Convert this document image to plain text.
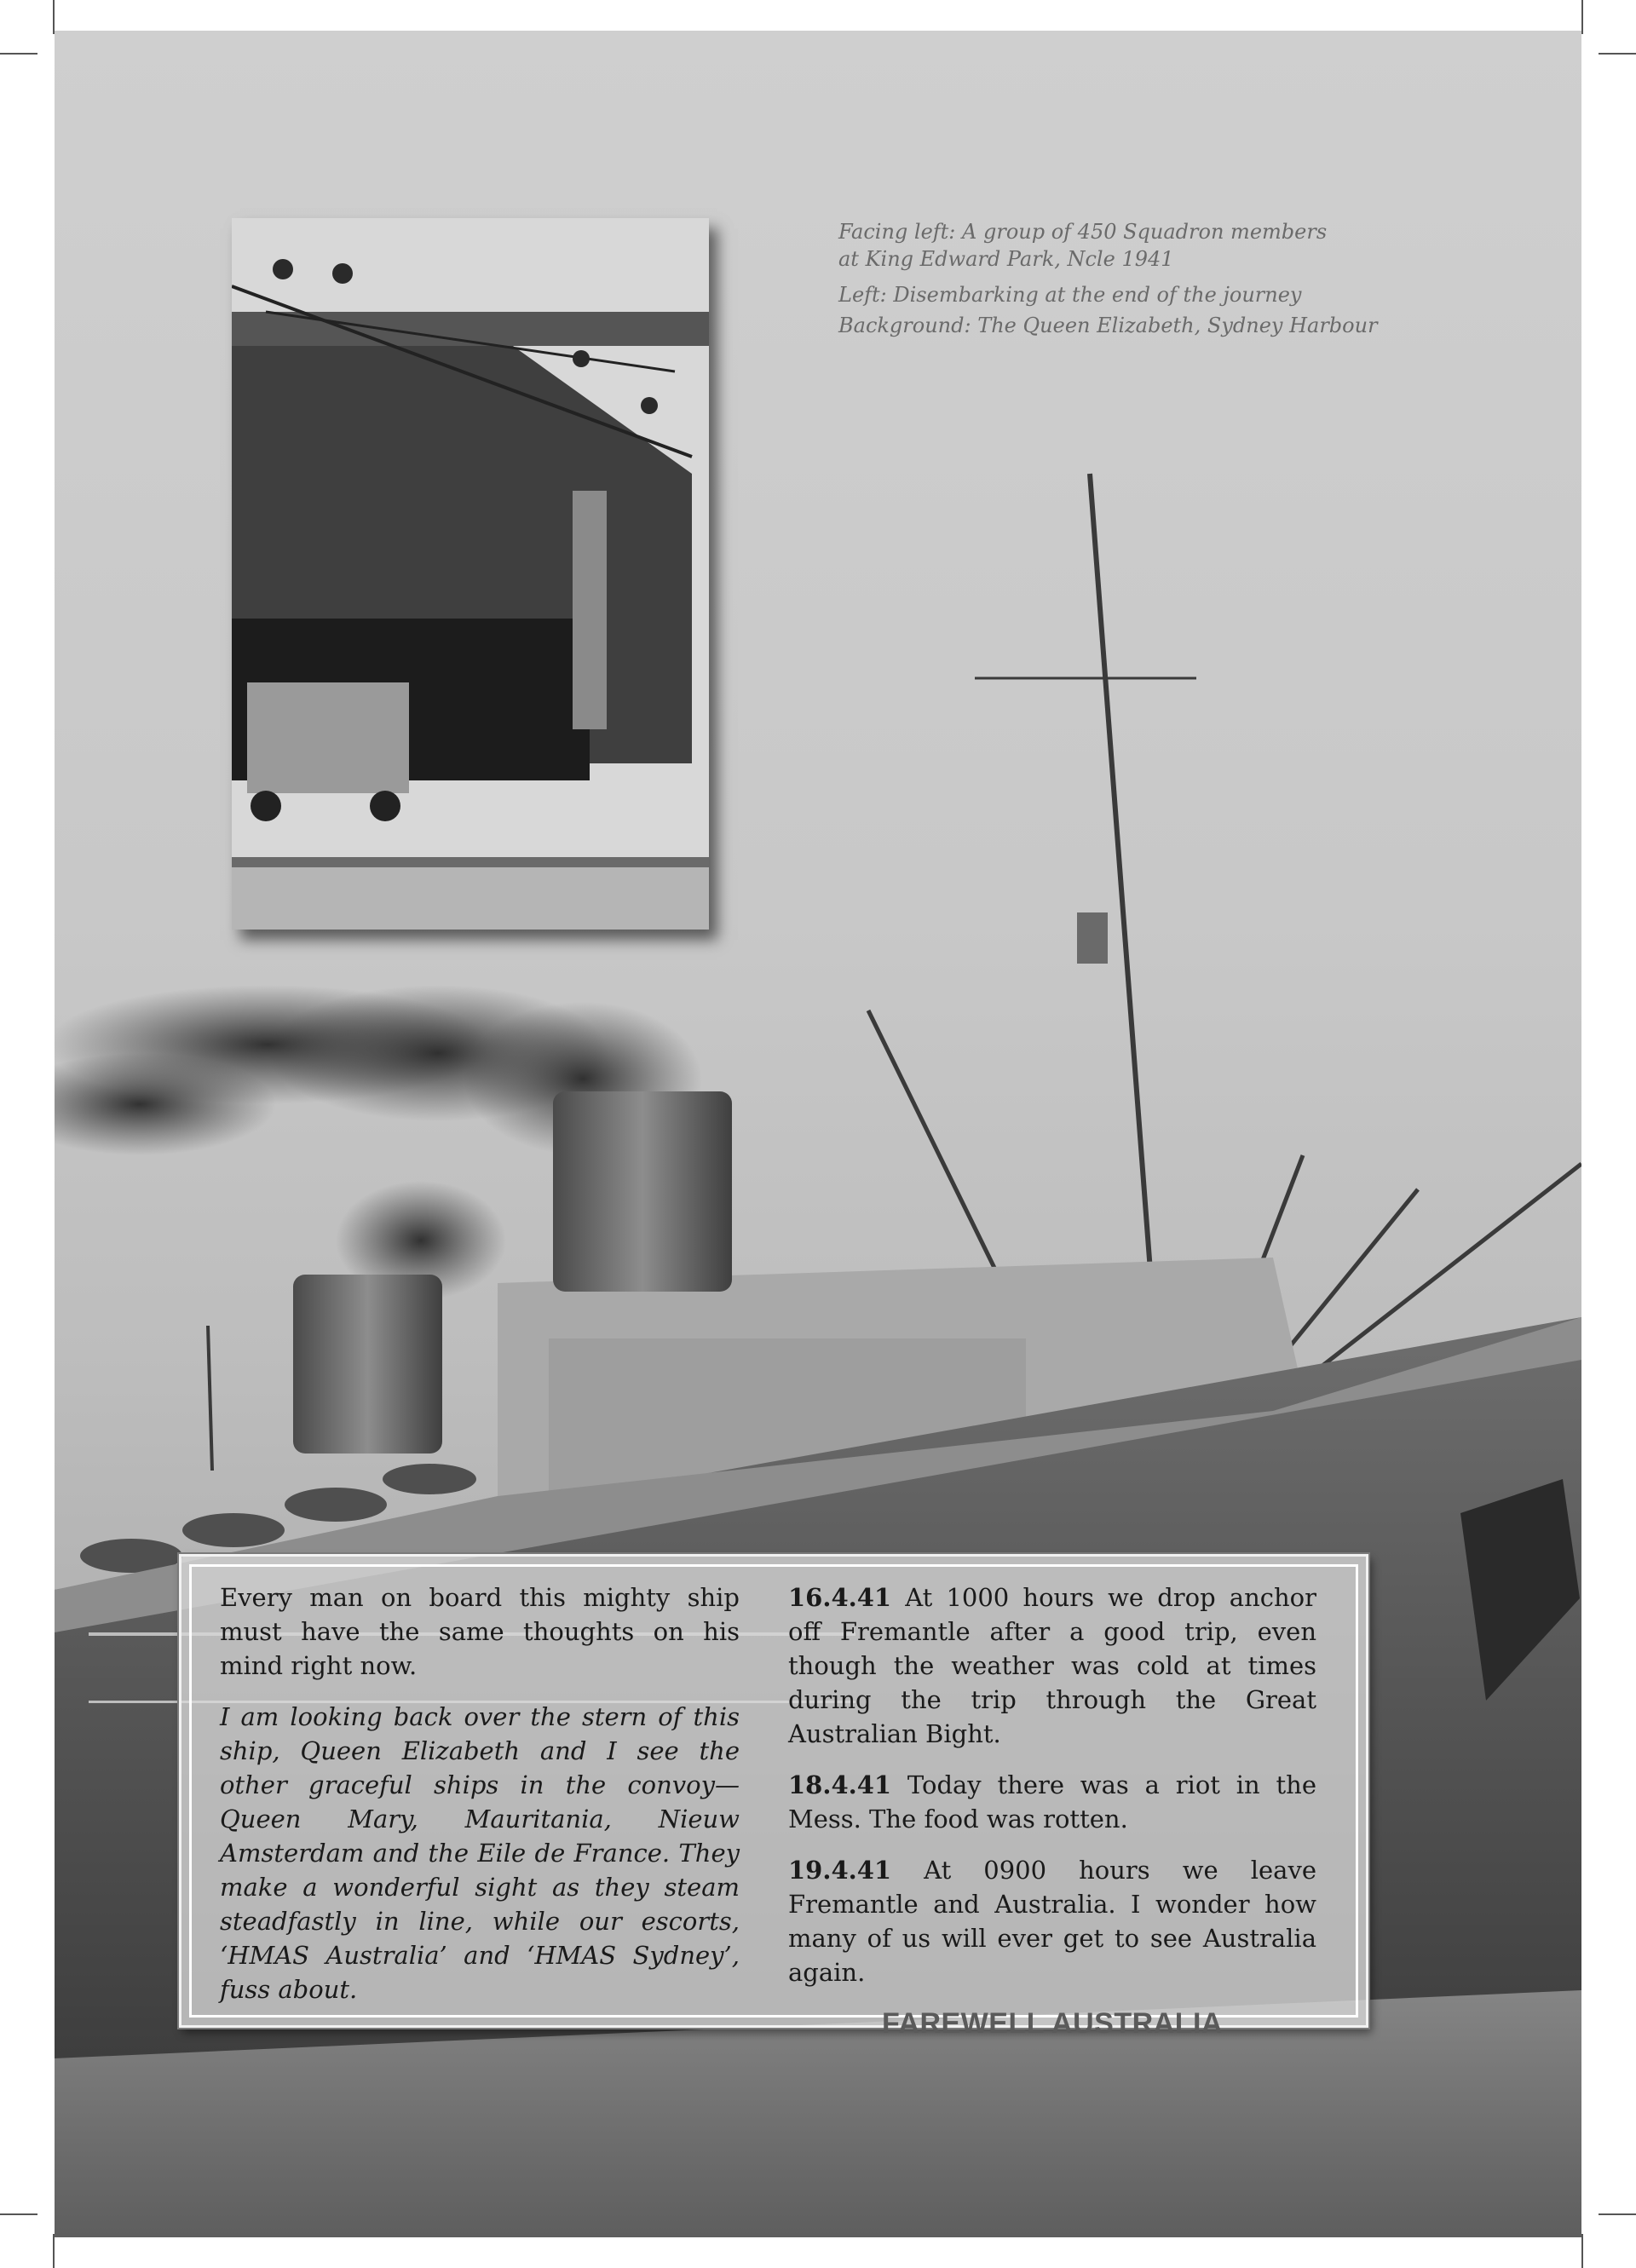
Facing left: A group of 450 Squadron members
at King Edward Park, Ncle 1941
Left: Disembarking at the end of the journey
Background: The Queen Elizabeth, Sydney Harbour

Every man on board this mighty ship must have the same thoughts on his mind right now.

I am looking back over the stern of this ship, Queen Elizabeth and I see the other graceful ships in the convoy—Queen Mary, Mauritania, Nieuw Amsterdam and the Eile de France. They make a wonderful sight as they steam steadfastly in line, while our escorts, ‘HMAS Australia’ and ‘HMAS Sydney’, fuss about.

16.4.41 At 1000 hours we drop anchor off Fremantle after a good trip, even though the weather was cold at times during the trip through the Great Australian Bight.

18.4.41 Today there was a riot in the Mess. The food was rotten.

19.4.41 At 0900 hours we leave Fremantle and Australia. I wonder how many of us will ever get to see Australia again.

FAREWELL AUSTRALIA
